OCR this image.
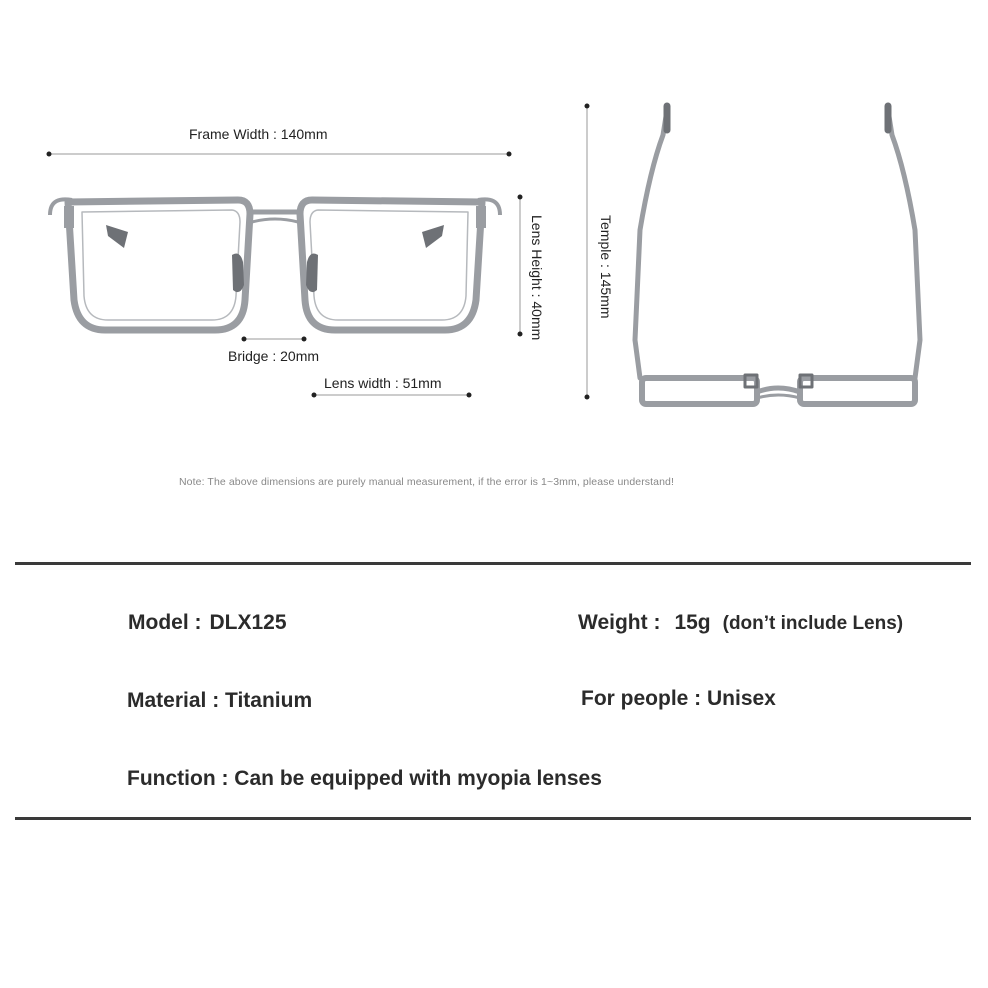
Frame Width : 140mm
Lens Height : 40mm
Bridge : 20mm
Lens width : 51mm
Temple : 145mm
Note: The above dimensions are purely manual measurement, if the error is 1~3mm, please understand!
Model : DLX125	Weight : 15g (don’t include Lens)
Material : Titanium	For people : Unisex
Function : Can be equipped with myopia lenses
